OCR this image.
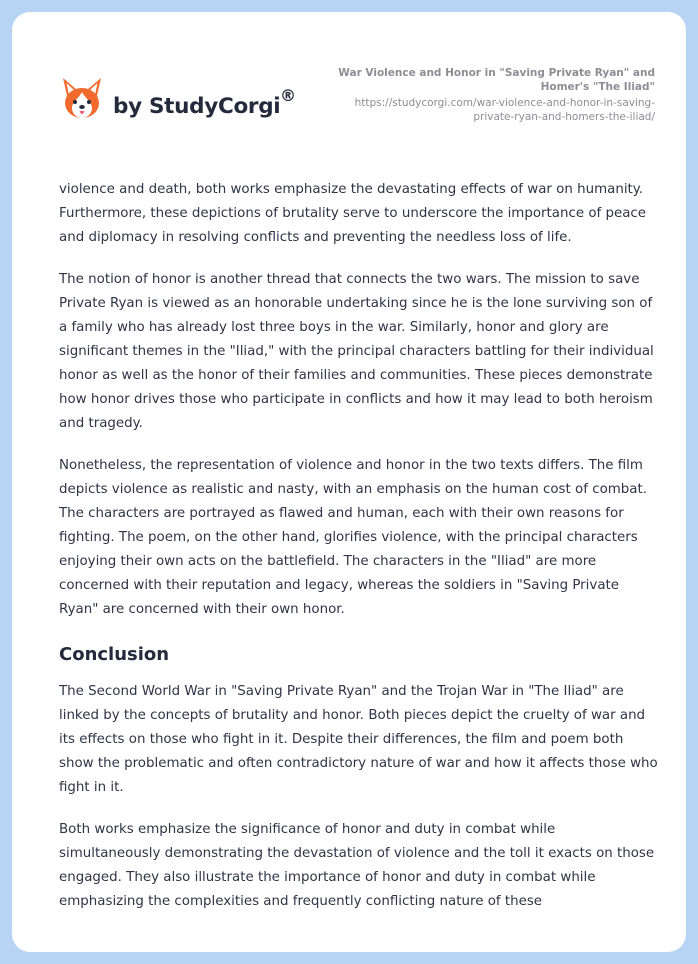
by StudyCorgi ®
War Violence and Honor in "Saving Private Ryan" and Homer's "The Iliad"
https://studycorgi.com/war-violence-and-honor-in-saving-private-ryan-and-homers-the-iliad/

violence and death, both works emphasize the devastating effects of war on humanity. Furthermore, these depictions of brutality serve to underscore the importance of peace and diplomacy in resolving conflicts and preventing the needless loss of life.

The notion of honor is another thread that connects the two wars. The mission to save Private Ryan is viewed as an honorable undertaking since he is the lone surviving son of a family who has already lost three boys in the war. Similarly, honor and glory are significant themes in the "Iliad," with the principal characters battling for their individual honor as well as the honor of their families and communities. These pieces demonstrate how honor drives those who participate in conflicts and how it may lead to both heroism and tragedy.

Nonetheless, the representation of violence and honor in the two texts differs. The film depicts violence as realistic and nasty, with an emphasis on the human cost of combat. The characters are portrayed as flawed and human, each with their own reasons for fighting. The poem, on the other hand, glorifies violence, with the principal characters enjoying their own acts on the battlefield. The characters in the "Iliad" are more concerned with their reputation and legacy, whereas the soldiers in "Saving Private Ryan" are concerned with their own honor.

Conclusion

The Second World War in "Saving Private Ryan" and the Trojan War in "The Iliad" are linked by the concepts of brutality and honor. Both pieces depict the cruelty of war and its effects on those who fight in it. Despite their differences, the film and poem both show the problematic and often contradictory nature of war and how it affects those who fight in it.

Both works emphasize the significance of honor and duty in combat while simultaneously demonstrating the devastation of violence and the toll it exacts on those engaged. They also illustrate the importance of honor and duty in combat while emphasizing the complexities and frequently conflicting nature of these
